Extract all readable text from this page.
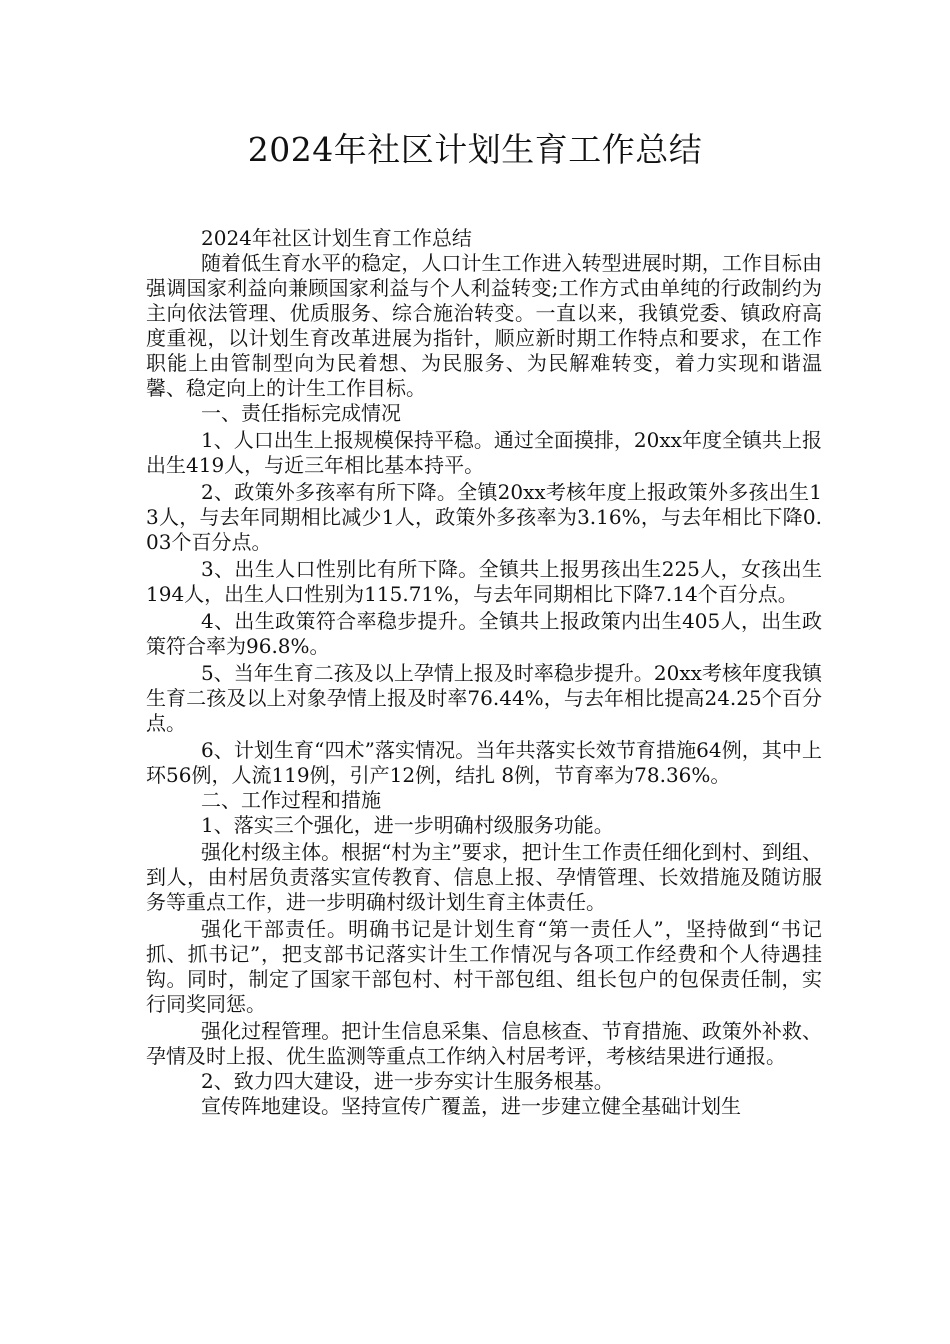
2024年社区计划生育工作总结

2024年社区计划生育工作总结

随着低生育水平的稳定，人口计生工作进入转型进展时期，工作目标由强调国家利益向兼顾国家利益与个人利益转变;工作方式由单纯的行政制约为主向依法管理、优质服务、综合施治转变。一直以来，我镇党委、镇政府高度重视，以计划生育改革进展为指针，顺应新时期工作特点和要求，在工作职能上由管制型向为民着想、为民服务、为民解难转变，着力实现和谐温馨、稳定向上的计生工作目标。

一、责任指标完成情况

1、人口出生上报规模保持平稳。通过全面摸排，20xx年度全镇共上报出生419人，与近三年相比基本持平。

2、政策外多孩率有所下降。全镇20xx考核年度上报政策外多孩出生13人，与去年同期相比减少1人，政策外多孩率为3.16%，与去年相比下降0.03个百分点。

3、出生人口性别比有所下降。全镇共上报男孩出生225人，女孩出生194人，出生人口性别为115.71%，与去年同期相比下降7.14个百分点。

4、出生政策符合率稳步提升。全镇共上报政策内出生405人，出生政策符合率为96.8%。

5、当年生育二孩及以上孕情上报及时率稳步提升。20xx考核年度我镇生育二孩及以上对象孕情上报及时率76.44%，与去年相比提高24.25个百分点。

6、计划生育“四术”落实情况。当年共落实长效节育措施64例，其中上环56例，人流119例，引产12例，结扎 8例，节育率为78.36%。

二、工作过程和措施

1、落实三个强化，进一步明确村级服务功能。

强化村级主体。根据“村为主”要求，把计生工作责任细化到村、到组、到人，由村居负责落实宣传教育、信息上报、孕情管理、长效措施及随访服务等重点工作，进一步明确村级计划生育主体责任。

强化干部责任。明确书记是计划生育“第一责任人”，坚持做到“书记抓、抓书记”，把支部书记落实计生工作情况与各项工作经费和个人待遇挂钩。同时，制定了国家干部包村、村干部包组、组长包户的包保责任制，实行同奖同惩。

强化过程管理。把计生信息采集、信息核查、节育措施、政策外补救、孕情及时上报、优生监测等重点工作纳入村居考评，考核结果进行通报。

2、致力四大建设，进一步夯实计生服务根基。

宣传阵地建设。坚持宣传广覆盖，进一步建立健全基础计划生
